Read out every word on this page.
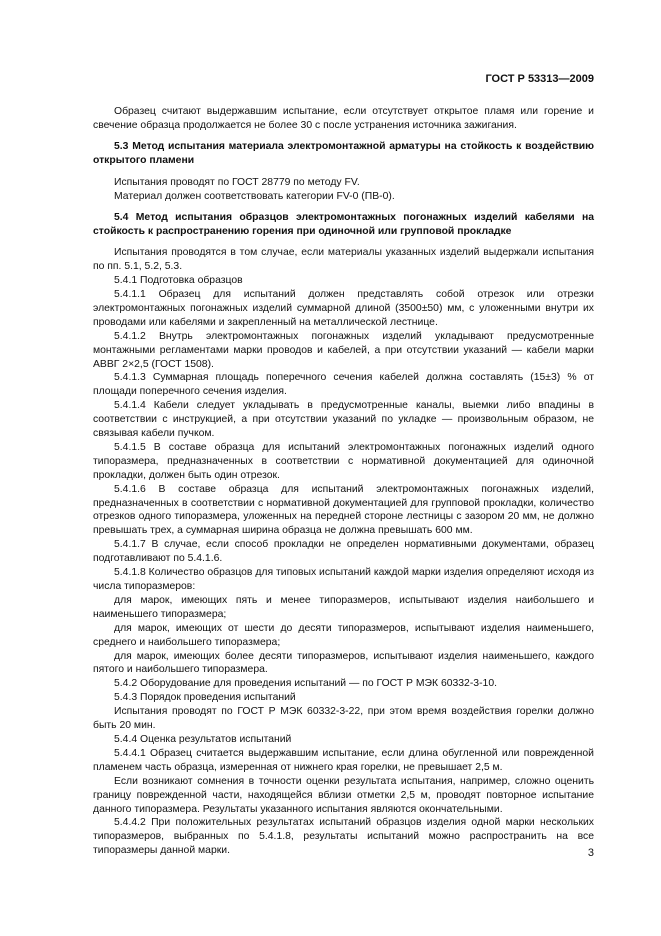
ГОСТ Р 53313—2009

Образец считают выдержавшим испытание, если отсутствует открытое пламя или горение и свечение образца продолжается не более 30 с после устранения источника зажигания.

5.3 Метод испытания материала электромонтажной арматуры на стойкость к воздействию открытого пламени

Испытания проводят по ГОСТ 28779 по методу FV.

Материал должен соответствовать категории FV-0 (ПВ-0).

5.4 Метод испытания образцов электромонтажных погонажных изделий кабелями на стойкость к распространению горения при одиночной или групповой прокладке

Испытания проводятся в том случае, если материалы указанных изделий выдержали испытания по пп. 5.1, 5.2, 5.3.

5.4.1 Подготовка образцов

5.4.1.1 Образец для испытаний должен представлять собой отрезок или отрезки электромонтажных погонажных изделий суммарной длиной (3500±50) мм, с уложенными внутри их проводами или кабелями и закрепленный на металлической лестнице.

5.4.1.2 Внутрь электромонтажных погонажных изделий укладывают предусмотренные монтажными регламентами марки проводов и кабелей, а при отсутствии указаний — кабели марки АВВГ 2×2,5 (ГОСТ 1508).

5.4.1.3 Суммарная площадь поперечного сечения кабелей должна составлять (15±3) % от площади поперечного сечения изделия.

5.4.1.4 Кабели следует укладывать в предусмотренные каналы, выемки либо впадины в соответствии с инструкцией, а при отсутствии указаний по укладке — произвольным образом, не связывая кабели пучком.

5.4.1.5 В составе образца для испытаний электромонтажных погонажных изделий одного типоразмера, предназначенных в соответствии с нормативной документацией для одиночной прокладки, должен быть один отрезок.

5.4.1.6 В составе образца для испытаний электромонтажных погонажных изделий, предназначенных в соответствии с нормативной документацией для групповой прокладки, количество отрезков одного типоразмера, уложенных на передней стороне лестницы с зазором 20 мм, не должно превышать трех, а суммарная ширина образца не должна превышать 600 мм.

5.4.1.7 В случае, если способ прокладки не определен нормативными документами, образец подготавливают по 5.4.1.6.

5.4.1.8 Количество образцов для типовых испытаний каждой марки изделия определяют исходя из числа типоразмеров:

для марок, имеющих пять и менее типоразмеров, испытывают изделия наибольшего и наименьшего типоразмера;

для марок, имеющих от шести до десяти типоразмеров, испытывают изделия наименьшего, среднего и наибольшего типоразмера;

для марок, имеющих более десяти типоразмеров, испытывают изделия наименьшего, каждого пятого и наибольшего типоразмера.

5.4.2 Оборудование для проведения испытаний — по ГОСТ Р МЭК 60332-3-10.

5.4.3 Порядок проведения испытаний

Испытания проводят по ГОСТ Р МЭК 60332-3-22, при этом время воздействия горелки должно быть 20 мин.

5.4.4 Оценка результатов испытаний

5.4.4.1 Образец считается выдержавшим испытание, если длина обугленной или поврежденной пламенем часть образца, измеренная от нижнего края горелки, не превышает 2,5 м.

Если возникают сомнения в точности оценки результата испытания, например, сложно оценить границу поврежденной части, находящейся вблизи отметки 2,5 м, проводят повторное испытание данного типоразмера. Результаты указанного испытания являются окончательными.

5.4.4.2 При положительных результатах испытаний образцов изделия одной марки нескольких типоразмеров, выбранных по 5.4.1.8, результаты испытаний можно распространить на все типоразмеры данной марки.	3
